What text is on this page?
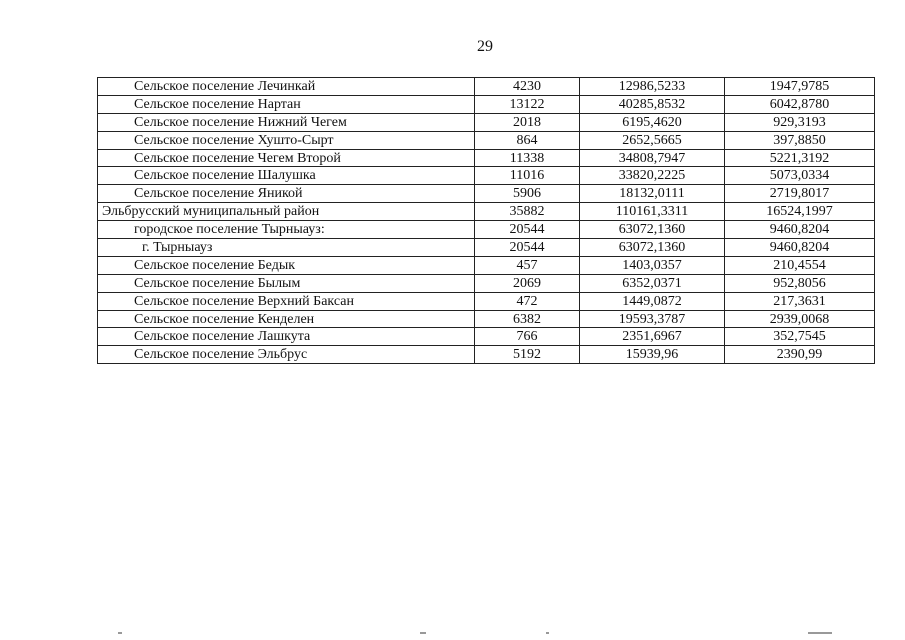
29
Сельское поселение Лечинкай	4230	12986,5233	1947,9785
Сельское поселение Нартан	13122	40285,8532	6042,8780
Сельское поселение Нижний Чегем	2018	6195,4620	929,3193
Сельское поселение Хушто-Сырт	864	2652,5665	397,8850
Сельское поселение Чегем Второй	11338	34808,7947	5221,3192
Сельское поселение Шалушка	11016	33820,2225	5073,0334
Сельское поселение Яникой	5906	18132,0111	2719,8017
Эльбрусский муниципальный район	35882	110161,3311	16524,1997
городское поселение Тырныауз:	20544	63072,1360	9460,8204
г. Тырныауз	20544	63072,1360	9460,8204
Сельское поселение Бедык	457	1403,0357	210,4554
Сельское поселение Былым	2069	6352,0371	952,8056
Сельское поселение Верхний Баксан	472	1449,0872	217,3631
Сельское поселение Кенделен	6382	19593,3787	2939,0068
Сельское поселение Лашкута	766	2351,6967	352,7545
Сельское поселение Эльбрус	5192	15939,96	2390,99
